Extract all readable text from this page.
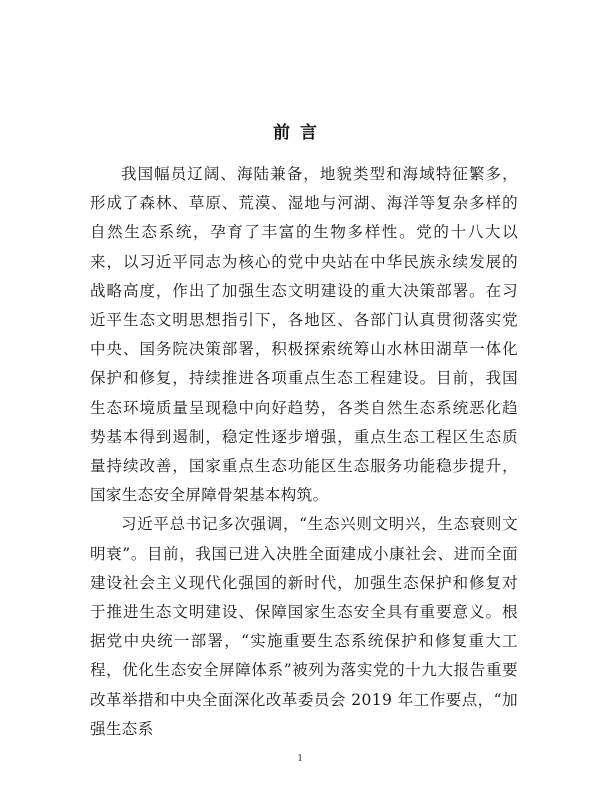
前言

我国幅员辽阔、海陆兼备，地貌类型和海域特征繁多，形成了森林、草原、荒漠、湿地与河湖、海洋等复杂多样的自然生态系统，孕育了丰富的生物多样性。党的十八大以来，以习近平同志为核心的党中央站在中华民族永续发展的战略高度，作出了加强生态文明建设的重大决策部署。在习近平生态文明思想指引下，各地区、各部门认真贯彻落实党中央、国务院决策部署，积极探索统筹山水林田湖草一体化保护和修复，持续推进各项重点生态工程建设。目前，我国生态环境质量呈现稳中向好趋势，各类自然生态系统恶化趋势基本得到遏制，稳定性逐步增强，重点生态工程区生态质量持续改善，国家重点生态功能区生态服务功能稳步提升，国家生态安全屏障骨架基本构筑。

习近平总书记多次强调，“生态兴则文明兴，生态衰则文明衰”。目前，我国已进入决胜全面建成小康社会、进而全面建设社会主义现代化强国的新时代，加强生态保护和修复对于推进生态文明建设、保障国家生态安全具有重要意义。根据党中央统一部署，“实施重要生态系统保护和修复重大工程，优化生态安全屏障体系”被列为落实党的十九大报告重要改革举措和中央全面深化改革委员会 2019 年工作要点，“加强生态系

1
